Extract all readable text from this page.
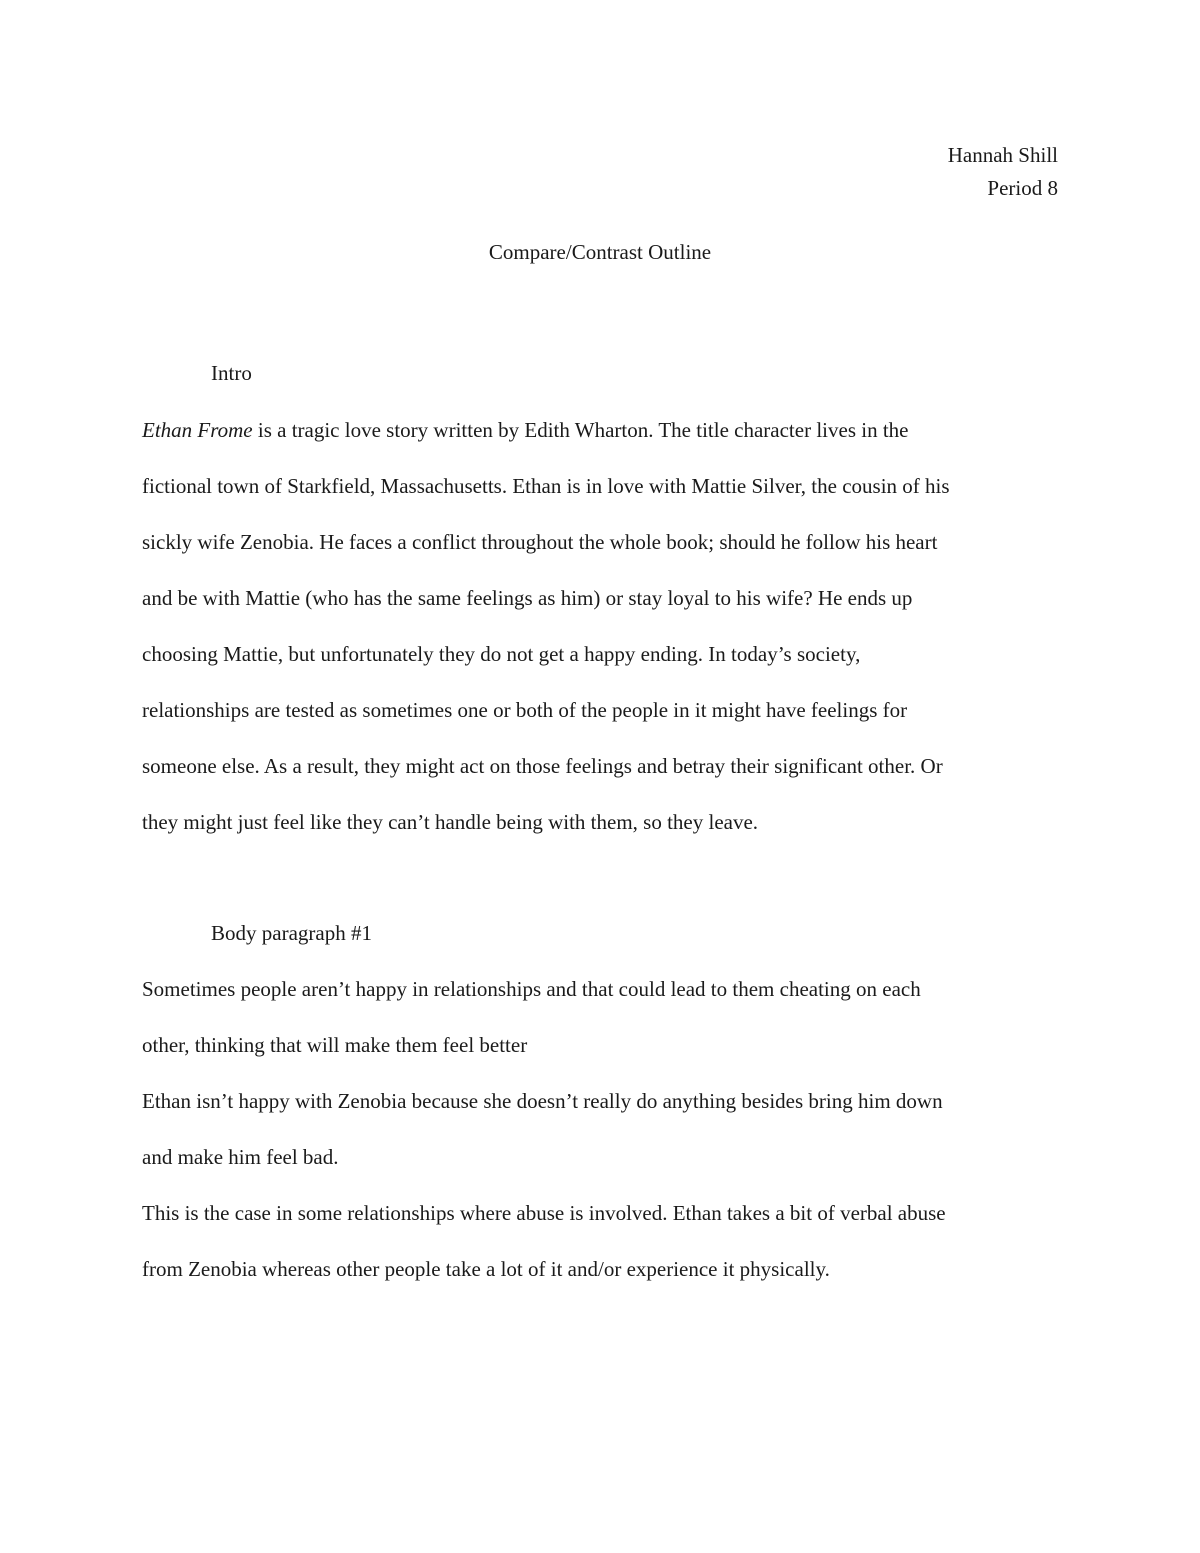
Hannah Shill
Period 8
Compare/Contrast Outline
Intro
Ethan Frome is a tragic love story written by Edith Wharton. The title character lives in the
fictional town of Starkfield, Massachusetts. Ethan is in love with Mattie Silver, the cousin of his
sickly wife Zenobia. He faces a conflict throughout the whole book; should he follow his heart
and be with Mattie (who has the same feelings as him) or stay loyal to his wife? He ends up
choosing Mattie, but unfortunately they do not get a happy ending. In today’s society,
relationships are tested as sometimes one or both of the people in it might have feelings for
someone else. As a result, they might act on those feelings and betray their significant other. Or
they might just feel like they can’t handle being with them, so they leave.
Body paragraph #1
Sometimes people aren’t happy in relationships and that could lead to them cheating on each
other, thinking that will make them feel better
Ethan isn’t happy with Zenobia because she doesn’t really do anything besides bring him down
and make him feel bad.
This is the case in some relationships where abuse is involved. Ethan takes a bit of verbal abuse
from Zenobia whereas other people take a lot of it and/or experience it physically.
